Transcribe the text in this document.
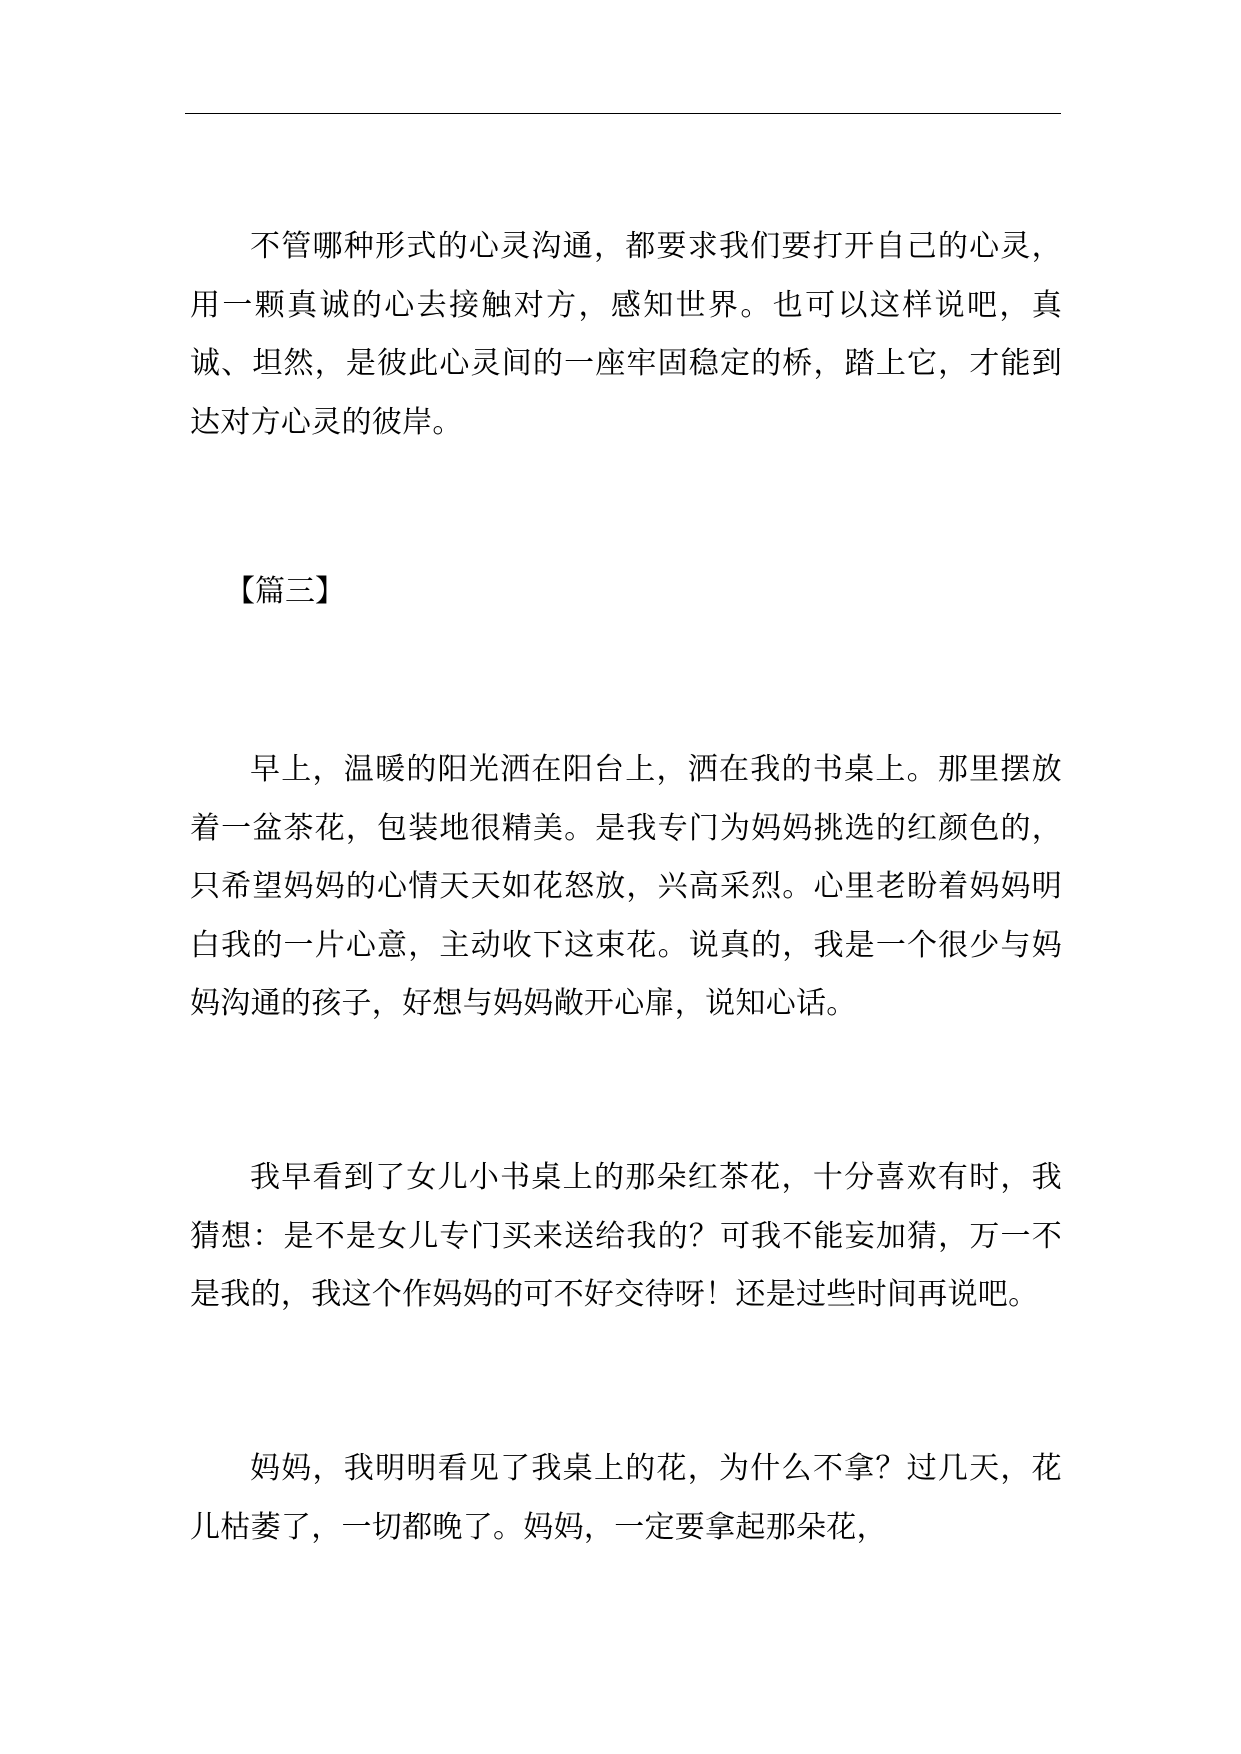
不管哪种形式的心灵沟通，都要求我们要打开自己的心灵，用一颗真诚的心去接触对方，感知世界。也可以这样说吧，真诚、坦然，是彼此心灵间的一座牢固稳定的桥，踏上它，才能到达对方心灵的彼岸。

【篇三】

早上，温暖的阳光洒在阳台上，洒在我的书桌上。那里摆放着一盆茶花，包装地很精美。是我专门为妈妈挑选的红颜色的，只希望妈妈的心情天天如花怒放，兴高采烈。心里老盼着妈妈明白我的一片心意，主动收下这束花。说真的，我是一个很少与妈妈沟通的孩子，好想与妈妈敞开心扉，说知心话。

我早看到了女儿小书桌上的那朵红茶花，十分喜欢有时，我猜想：是不是女儿专门买来送给我的？可我不能妄加猜，万一不是我的，我这个作妈妈的可不好交待呀！还是过些时间再说吧。

妈妈，我明明看见了我桌上的花，为什么不拿？过几天，花儿枯萎了，一切都晚了。妈妈，一定要拿起那朵花，
